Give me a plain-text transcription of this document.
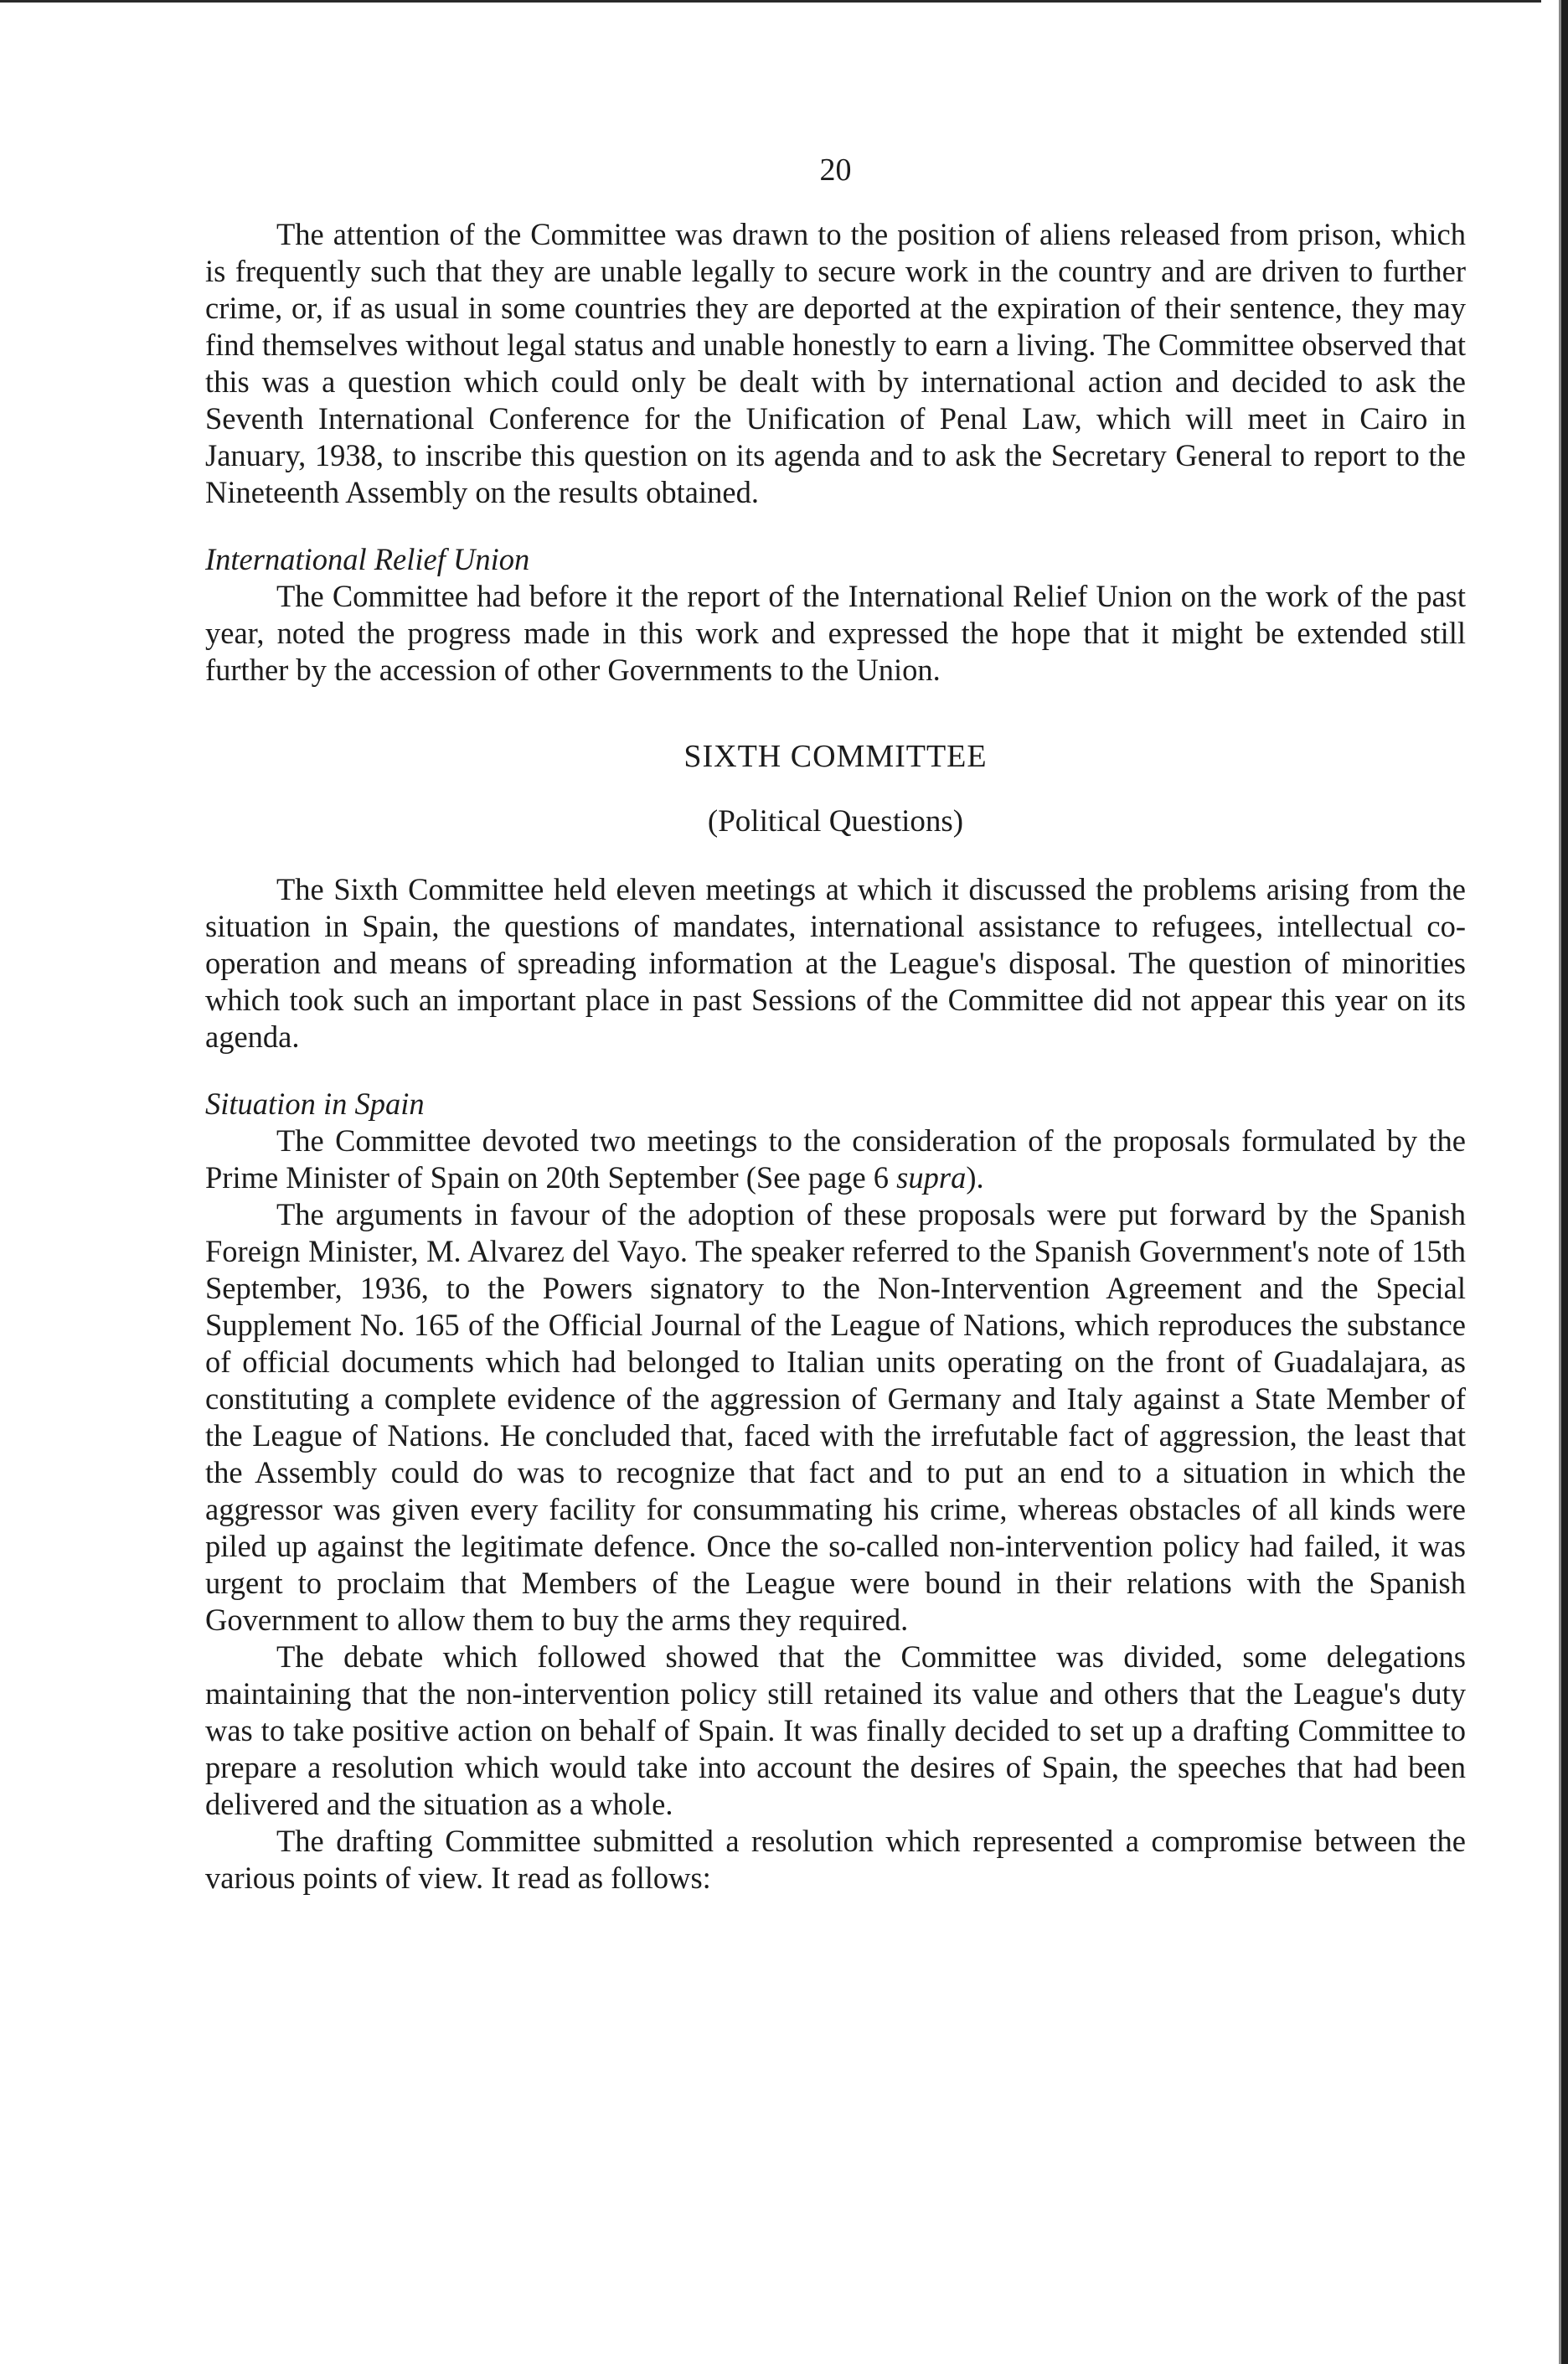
20

The attention of the Committee was drawn to the position of aliens released from prison, which is frequently such that they are unable legally to secure work in the country and are driven to further crime, or, if as usual in some countries they are deported at the expiration of their sentence, they may find themselves without legal status and unable honestly to earn a living. The Committee observed that this was a question which could only be dealt with by international action and decided to ask the Seventh International Conference for the Unification of Penal Law, which will meet in Cairo in January, 1938, to inscribe this question on its agenda and to ask the Secretary General to report to the Nineteenth Assembly on the results obtained.

International Relief Union

The Committee had before it the report of the International Relief Union on the work of the past year, noted the progress made in this work and expressed the hope that it might be extended still further by the accession of other Governments to the Union.

SIXTH COMMITTEE
(Political Questions)

The Sixth Committee held eleven meetings at which it discussed the problems arising from the situation in Spain, the questions of mandates, international assistance to refugees, intellectual co-operation and means of spreading information at the League's disposal. The question of minorities which took such an important place in past Sessions of the Committee did not appear this year on its agenda.

Situation in Spain

The Committee devoted two meetings to the consideration of the proposals formulated by the Prime Minister of Spain on 20th September (See page 6 supra).

The arguments in favour of the adoption of these proposals were put forward by the Spanish Foreign Minister, M. Alvarez del Vayo. The speaker referred to the Spanish Government's note of 15th September, 1936, to the Powers signatory to the Non-Intervention Agreement and the Special Supplement No. 165 of the Official Journal of the League of Nations, which reproduces the substance of official documents which had belonged to Italian units operating on the front of Guadalajara, as constituting a complete evidence of the aggression of Germany and Italy against a State Member of the League of Nations. He concluded that, faced with the irrefutable fact of aggression, the least that the Assembly could do was to recognize that fact and to put an end to a situation in which the aggressor was given every facility for consummating his crime, whereas obstacles of all kinds were piled up against the legitimate defence. Once the so-called non-intervention policy had failed, it was urgent to proclaim that Members of the League were bound in their relations with the Spanish Government to allow them to buy the arms they required.

The debate which followed showed that the Committee was divided, some delegations maintaining that the non-intervention policy still retained its value and others that the League's duty was to take positive action on behalf of Spain. It was finally decided to set up a drafting Committee to prepare a resolution which would take into account the desires of Spain, the speeches that had been delivered and the situation as a whole.

The drafting Committee submitted a resolution which represented a compromise between the various points of view. It read as follows:
